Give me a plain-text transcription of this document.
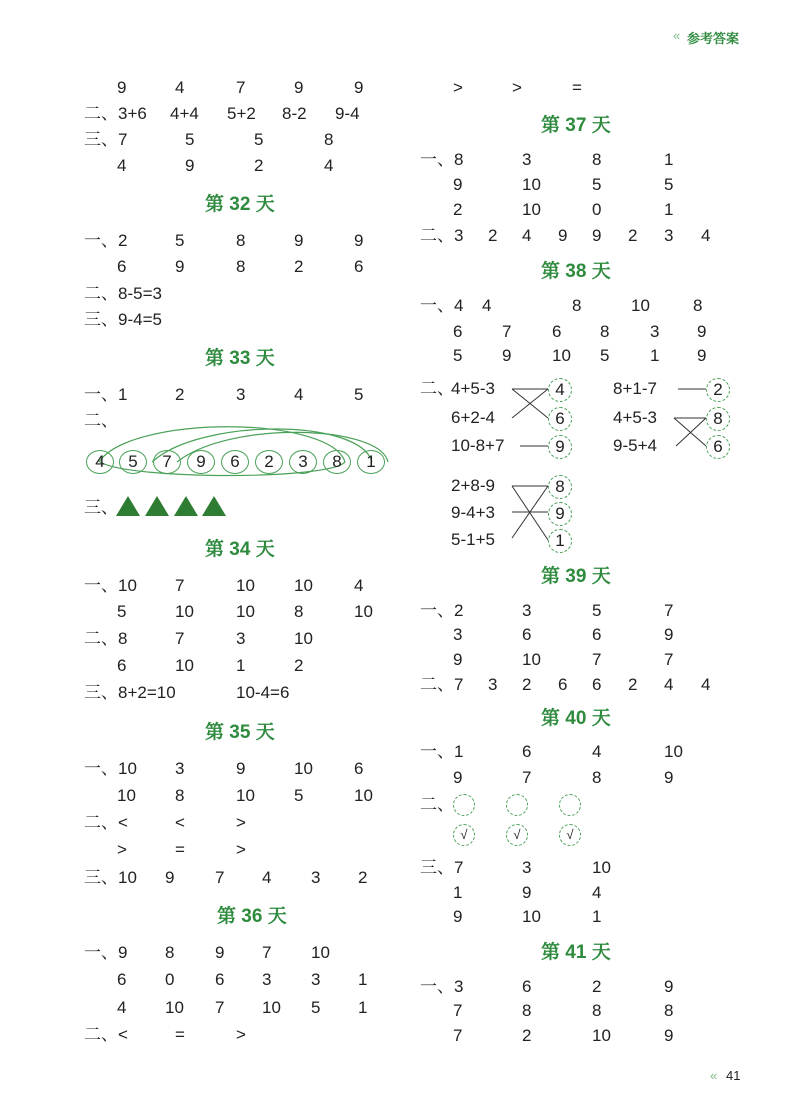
« 参考答案
« 41
9	4	7	9	9
二、3+6 4+4 5+2 8-2 9-4
三、7	5	5	8
4	9	2	4
第 32 天
一、2	5	8	9	9
6	9	8	2	6
二、8-5=3
三、9-4=5
第 33 天
一、1	2	3	4	5
二、
4	5	7	9	6	2	3	8	1
三、
第 34 天
一、10 7	10 10 4
5	10 10 8	10
二、8	7	3	10
6	10 1	2
三、8+2=10	10-4=6
第 35 天
一、10 3	9	10 6
10 8	10 5	10
二、<	<	>
>	=	>
三、10 9 7 4 3 2
第 36 天
一、9 8 9 7 10
6 0 6 3 3 1
4 10 7 10 5 1
二、<	=	>
>	>	=
第 37 天
一、8	3	8	1
9	10	5	5
2	10	0	1
二、3 2 4 9 9 2 3 4
第 38 天
一、4 4	8	10	8
6 7 6 8 3 9
5 9 10 5 1 9
二、
4+5-3
6+2-4
10-8+7
4
6
9
8+1-7
4+5-3
9-5+4
2
8
6
2+8-9
9-4+3
5-1+5
8
9
1
第 39 天
一、2	3	5	7
3	6	6	9
9	10	7	7
二、7 3 2 6 6 2 4 4
第 40 天
一、1	6	4	10
9	7	8	9
二、
√	√	√
三、7	3	10
1	9	4
9	10	1
第 41 天
一、3	6	2	9
7	8	8	8
7	2	10	9
